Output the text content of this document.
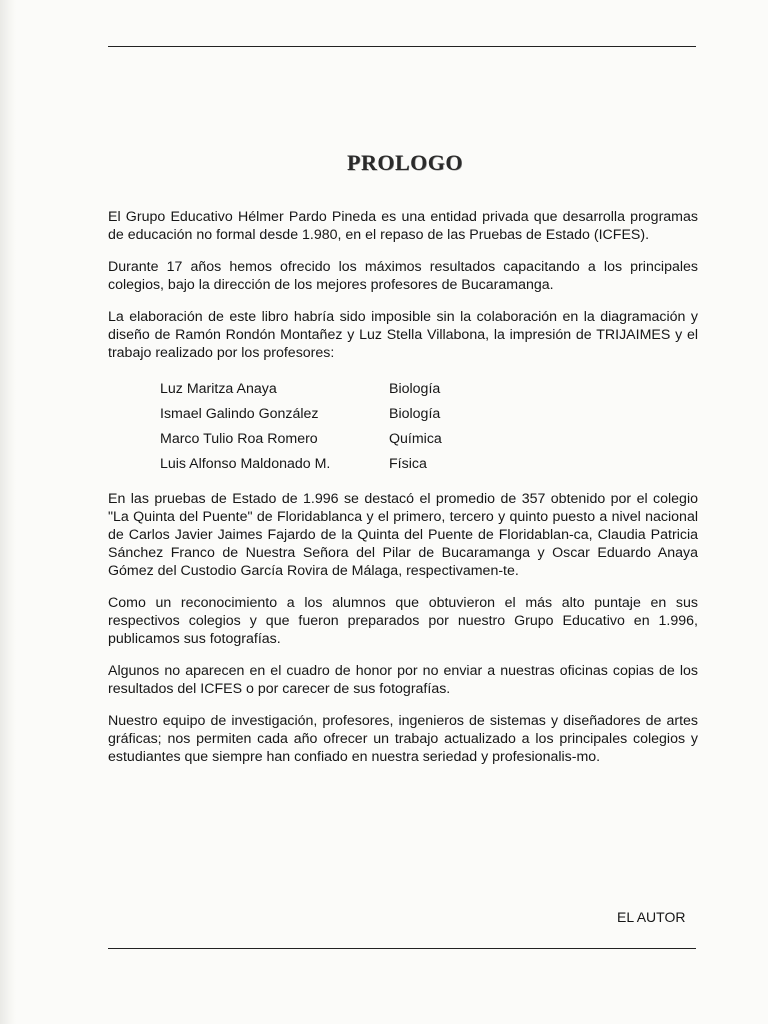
PROLOGO

El Grupo Educativo Hélmer Pardo Pineda es una entidad privada que desarrolla programas de educación no formal desde 1.980, en el repaso de las Pruebas de Estado (ICFES).

Durante 17 años hemos ofrecido los máximos resultados capacitando a los principales colegios, bajo la dirección de los mejores profesores de Bucaramanga.

La elaboración de este libro habría sido imposible sin la colaboración en la diagramación y diseño de Ramón Rondón Montañez y Luz Stella Villabona, la impresión de TRIJAIMES y el trabajo realizado por los profesores:

Luz Maritza Anaya	Biología
Ismael Galindo González	Biología
Marco Tulio Roa Romero	Química
Luis Alfonso Maldonado M.	Física

En las pruebas de Estado de 1.996 se destacó el promedio de 357 obtenido por el colegio "La Quinta del Puente" de Floridablanca y el primero, tercero y quinto puesto a nivel nacional de Carlos Javier Jaimes Fajardo de la Quinta del Puente de Floridablan-ca, Claudia Patricia Sánchez Franco de Nuestra Señora del Pilar de Bucaramanga y Oscar Eduardo Anaya Gómez del Custodio García Rovira de Málaga, respectivamen-te.

Como un reconocimiento a los alumnos que obtuvieron el más alto puntaje en sus respectivos colegios y que fueron preparados por nuestro Grupo Educativo en 1.996, publicamos sus fotografías.

Algunos no aparecen en el cuadro de honor por no enviar a nuestras oficinas copias de los resultados del ICFES o por carecer de sus fotografías.

Nuestro equipo de investigación, profesores, ingenieros de sistemas y diseñadores de artes gráficas; nos permiten cada año ofrecer un trabajo actualizado a los principales colegios y estudiantes que siempre han confiado en nuestra seriedad y profesionalis-mo.

EL AUTOR
